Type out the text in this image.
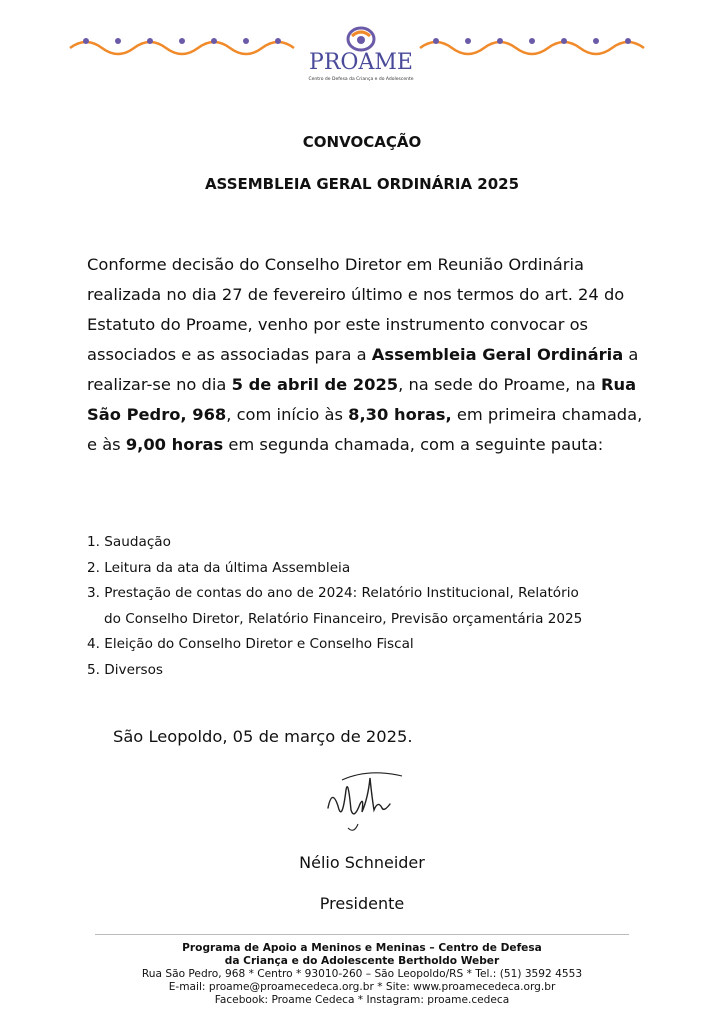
PROAME
Centro de Defesa da Criança e do Adolescente
CONVOCAÇÃO
ASSEMBLEIA GERAL ORDINÁRIA 2025
Conforme decisão do Conselho Diretor em Reunião Ordinária realizada no dia 27 de fevereiro último e nos termos do art. 24 do Estatuto do Proame, venho por este instrumento convocar os associados e as associadas para a Assembleia Geral Ordinária a realizar-se no dia 5 de abril de 2025, na sede do Proame, na Rua São Pedro, 968, com início às 8,30 horas, em primeira chamada, e às 9,00 horas em segunda chamada, com a seguinte pauta:
1. Saudação
2. Leitura da ata da última Assembleia
3. Prestação de contas do ano de 2024: Relatório Institucional, Relatório
do Conselho Diretor, Relatório Financeiro, Previsão orçamentária 2025
4. Eleição do Conselho Diretor e Conselho Fiscal
5. Diversos
São Leopoldo, 05 de março de 2025.
Nélio Schneider
Presidente
Programa de Apoio a Meninos e Meninas – Centro de Defesa
da Criança e do Adolescente Bertholdo Weber
Rua São Pedro, 968 * Centro * 93010-260 – São Leopoldo/RS * Tel.: (51) 3592 4553
E-mail: proame@proamecedeca.org.br * Site: www.proamecedeca.org.br
Facebook: Proame Cedeca * Instagram: proame.cedeca
